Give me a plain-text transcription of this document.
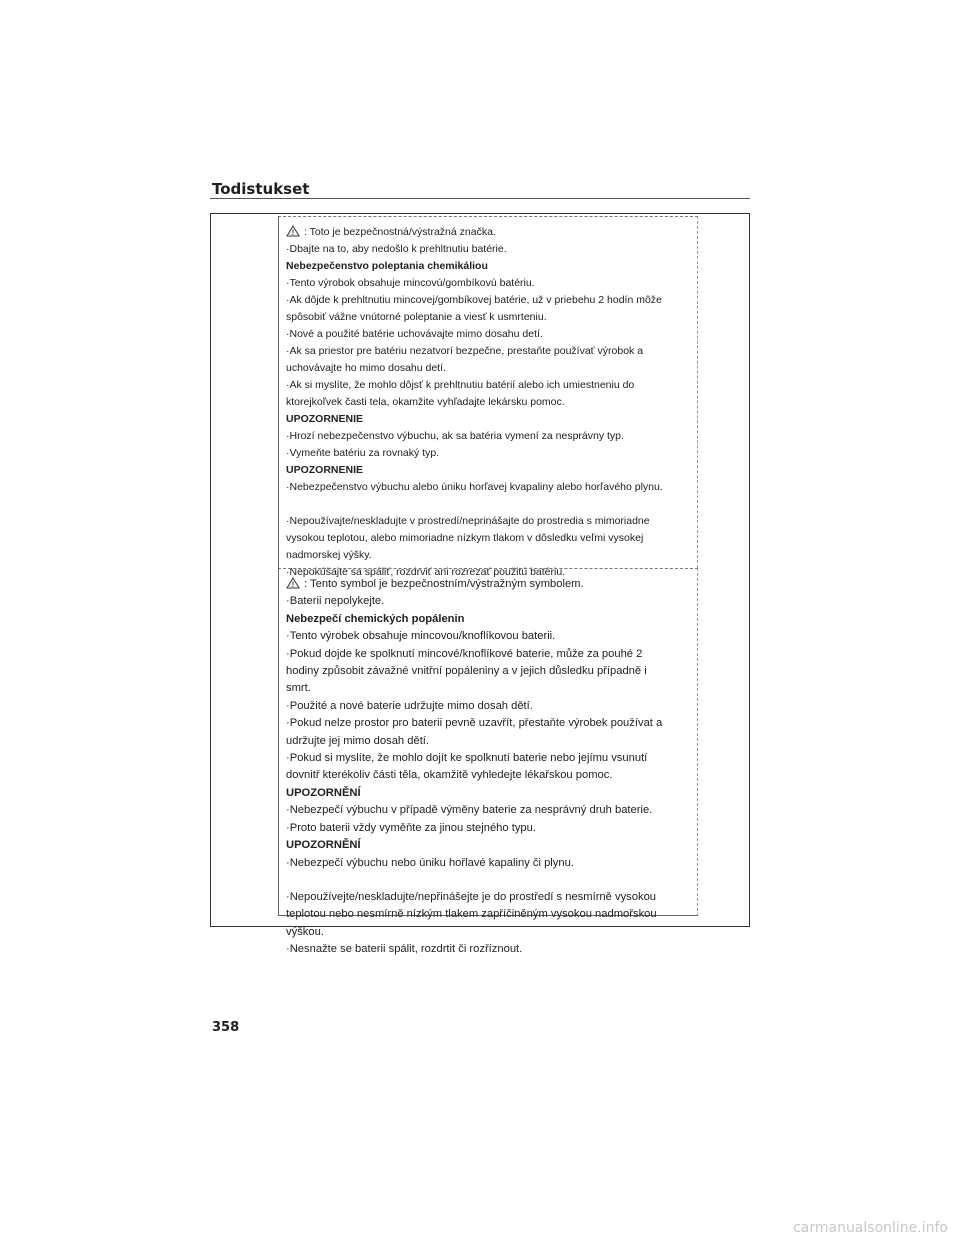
Todistukset
: Toto je bezpečnostná/výstražná značka.
·Dbajte na to, aby nedošlo k prehltnutiu batérie.
Nebezpečenstvo poleptania chemikáliou
·Tento výrobok obsahuje mincovú/gombíkovú batériu.
·Ak dôjde k prehltnutiu mincovej/gombíkovej batérie, už v priebehu 2 hodín môže
spôsobiť vážne vnútorné poleptanie a viesť k usmrteniu.
·Nové a použité batérie uchovávajte mimo dosahu detí.
·Ak sa priestor pre batériu nezatvorí bezpečne, prestaňte používať výrobok a
uchovávajte ho mimo dosahu detí.
·Ak si myslíte, že mohlo dôjsť k prehltnutiu batérií alebo ich umiestneniu do
ktorejkoľvek časti tela, okamžite vyhľadajte lekársku pomoc.
UPOZORNENIE
·Hrozí nebezpečenstvo výbuchu, ak sa batéria vymení za nesprávny typ.
·Vymeňte batériu za rovnaký typ.
UPOZORNENIE
·Nebezpečenstvo výbuchu alebo úniku horľavej kvapaliny alebo horľavého plynu.
·Nepoužívajte/neskladujte v prostredí/neprinášajte do prostredia s mimoriadne
vysokou teplotou, alebo mimoriadne nízkym tlakom v dôsledku veľmi vysokej
nadmorskej výšky.
·Nepokúšajte sa spáliť, rozdrviť ani rozrezať použitú batériu.
: Tento symbol je bezpečnostním/výstražným symbolem.
·Baterii nepolykejte.
Nebezpečí chemických popálenin
·Tento výrobek obsahuje mincovou/knoflíkovou baterii.
·Pokud dojde ke spolknutí mincové/knoflíkové baterie, může za pouhé 2
hodiny způsobit závažné vnitřní popáleniny a v jejich důsledku případně i
smrt.
·Použité a nové baterie udržujte mimo dosah dětí.
·Pokud nelze prostor pro baterii pevně uzavřít, přestaňte výrobek používat a
udržujte jej mimo dosah dětí.
·Pokud si myslíte, že mohlo dojít ke spolknutí baterie nebo jejímu vsunutí
dovnitř kterékoliv části těla, okamžitě vyhledejte lékařskou pomoc.
UPOZORNĚNÍ
·Nebezpečí výbuchu v případě výměny baterie za nesprávný druh baterie.
·Proto baterii vždy vyměňte za jinou stejného typu.
UPOZORNĚNÍ
·Nebezpečí výbuchu nebo úniku hořlavé kapaliny či plynu.
·Nepoužívejte/neskladujte/nepřinášejte je do prostředí s nesmírně vysokou
teplotou nebo nesmírně nízkým tlakem zapříčiněným vysokou nadmořskou
výškou.
·Nesnažte se baterii spálit, rozdrtit či rozříznout.
358
carmanualsonline.info
